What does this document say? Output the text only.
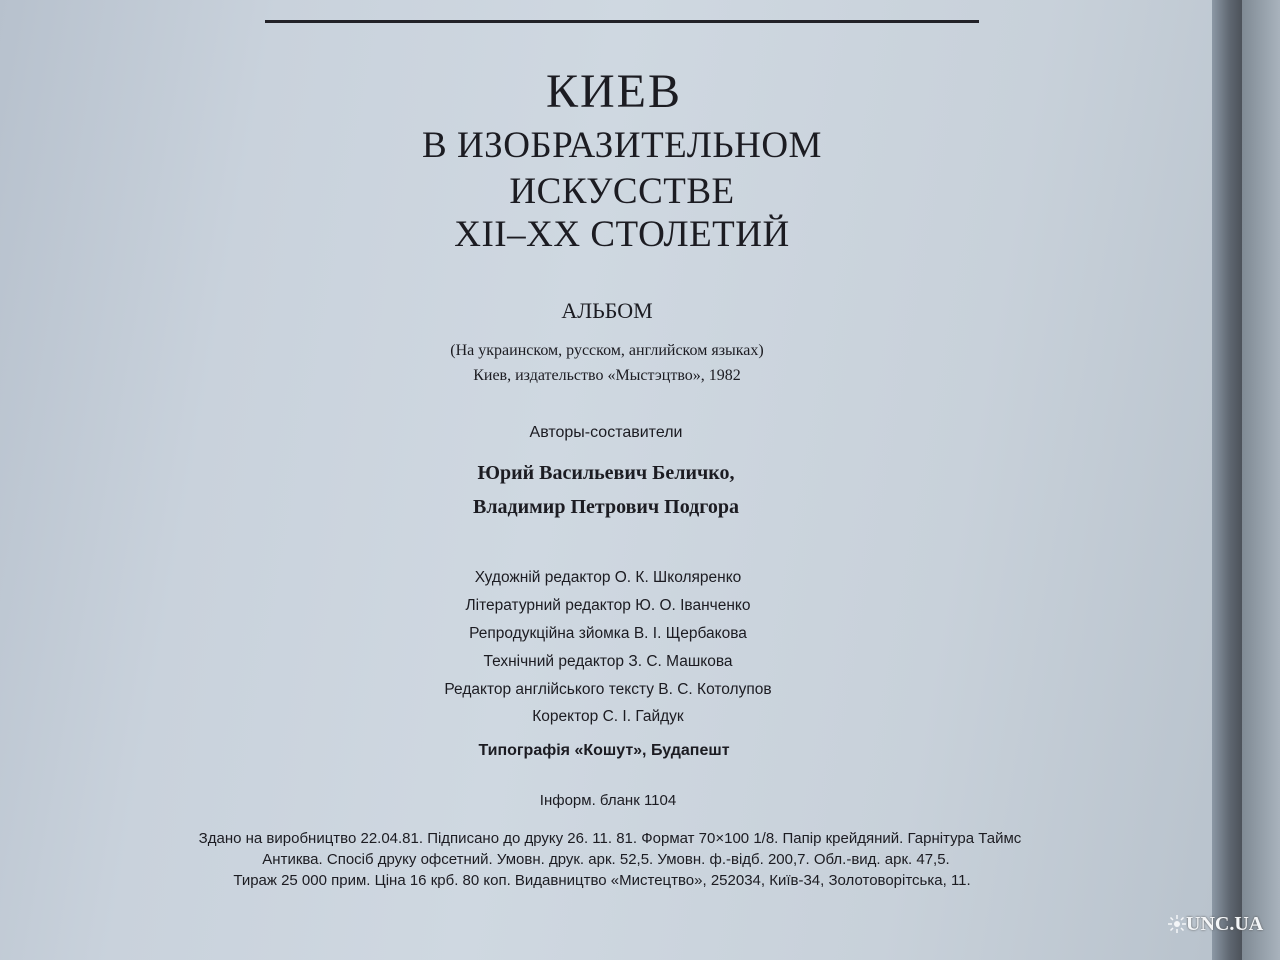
КИЕВ
В ИЗОБРАЗИТЕЛЬНОМ
ИСКУССТВЕ
XII–XX СТОЛЕТИЙ
АЛЬБОМ
(На украинском, русском, английском языках)
Киев, издательство «Мыстэцтво», 1982
Авторы-составители
Юрий Васильевич Беличко,
Владимир Петрович Подгора
Художній редактор О. К. Школяренко
Літературний редактор Ю. О. Іванченко
Репродукційна зйомка В. І. Щербакова
Технічний редактор З. С. Машкова
Редактор англійського тексту В. С. Котолупов
Коректор С. І. Гайдук
Типографія «Кошут», Будапешт
Інформ. бланк 1104
Здано на виробництво 22.04.81. Підписано до друку 26. 11. 81. Формат 70×100 1/8. Папір крейдяний. Гарнітура Таймс
Антиква. Спосіб друку офсетний. Умовн. друк. арк. 52,5. Умовн. ф.-відб. 200,7. Обл.-вид. арк. 47,5.
Тираж 25 000 прим. Ціна 16 крб. 80 коп. Видавництво «Мистецтво», 252034, Київ-34, Золотоворітська, 11.
UNC.UA
